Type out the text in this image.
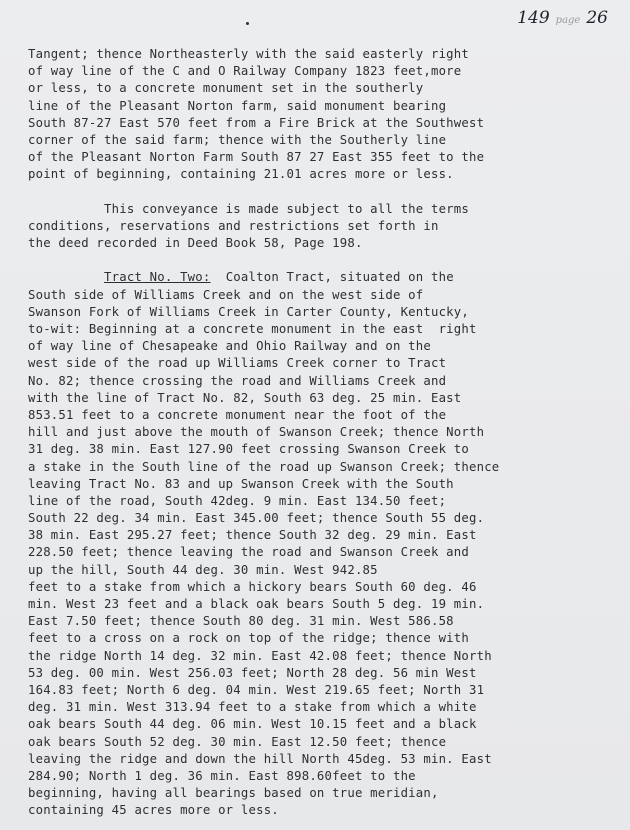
149 page 26
Tangent; thence Northeasterly with the said easterly right
of way line of the C and O Railway Company 1823 feet,more
or less, to a concrete monument set in the southerly
line of the Pleasant Norton farm, said monument bearing
South 87-27 East 570 feet from a Fire Brick at the Southwest
corner of the said farm; thence with the Southerly line
of the Pleasant Norton Farm South 87 27 East 355 feet to the
point of beginning, containing 21.01 acres more or less.
This conveyance is made subject to all the terms
conditions, reservations and restrictions set forth in
the deed recorded in Deed Book 58, Page 198.
Tract No. Two:  Coalton Tract, situated on the
South side of Williams Creek and on the west side of
Swanson Fork of Williams Creek in Carter County, Kentucky,
to-wit: Beginning at a concrete monument in the east  right
of way line of Chesapeake and Ohio Railway and on the
west side of the road up Williams Creek corner to Tract
No. 82; thence crossing the road and Williams Creek and
with the line of Tract No. 82, South 63 deg. 25 min. East
853.51 feet to a concrete monument near the foot of the
hill and just above the mouth of Swanson Creek; thence North
31 deg. 38 min. East 127.90 feet crossing Swanson Creek to
a stake in the South line of the road up Swanson Creek; thence
leaving Tract No. 83 and up Swanson Creek with the South
line of the road, South 42deg. 9 min. East 134.50 feet;
South 22 deg. 34 min. East 345.00 feet; thence South 55 deg.
38 min. East 295.27 feet; thence South 32 deg. 29 min. East
228.50 feet; thence leaving the road and Swanson Creek and
up the hill, South 44 deg. 30 min. West 942.85
feet to a stake from which a hickory bears South 60 deg. 46
min. West 23 feet and a black oak bears South 5 deg. 19 min.
East 7.50 feet; thence South 80 deg. 31 min. West 586.58
feet to a cross on a rock on top of the ridge; thence with
the ridge North 14 deg. 32 min. East 42.08 feet; thence North
53 deg. 00 min. West 256.03 feet; North 28 deg. 56 min West
164.83 feet; North 6 deg. 04 min. West 219.65 feet; North 31
deg. 31 min. West 313.94 feet to a stake from which a white
oak bears South 44 deg. 06 min. West 10.15 feet and a black
oak bears South 52 deg. 30 min. East 12.50 feet; thence
leaving the ridge and down the hill North 45deg. 53 min. East
284.90; North 1 deg. 36 min. East 898.60feet to the
beginning, having all bearings based on true meridian,
containing 45 acres more or less.
